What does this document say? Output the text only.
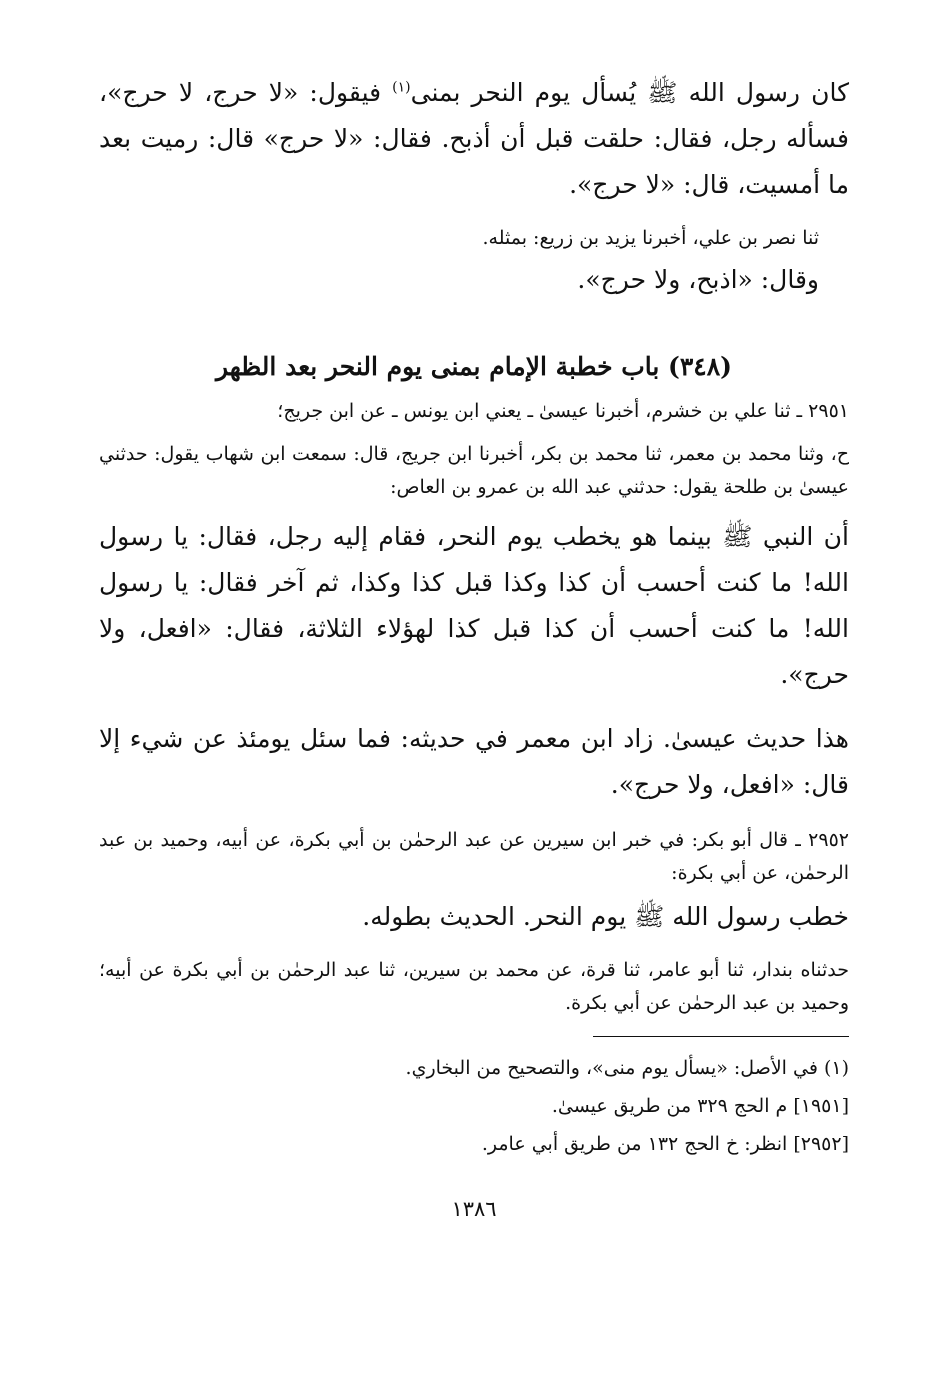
كان رسول الله ﷺ يُسأل يوم النحر بمنى$^{(١)}$ فيقول: «لا حرج، لا حرج»، فسأله رجل، فقال: حلقت قبل أن أذبح. فقال: «لا حرج» قال: رميت بعد ما أمسيت، قال: «لا حرج».

ثنا نصر بن علي، أخبرنا يزيد بن زريع: بمثله.

وقال: «اذبح، ولا حرج».

(٣٤٨) باب خطبة الإمام بمنى يوم النحر بعد الظهر

٢٩٥١ ـ ثنا علي بن خشرم، أخبرنا عيسىٰ ـ يعني ابن يونس ـ عن ابن جريج؛

ح، وثنا محمد بن معمر، ثنا محمد بن بكر، أخبرنا ابن جريج، قال: سمعت ابن شهاب يقول: حدثني عيسىٰ بن طلحة يقول: حدثني عبد الله بن عمرو بن العاص:

أن النبي ﷺ بينما هو يخطب يوم النحر، فقام إليه رجل، فقال: يا رسول الله! ما كنت أحسب أن كذا وكذا قبل كذا وكذا، ثم آخر فقال: يا رسول الله! ما كنت أحسب أن كذا قبل كذا لهؤلاء الثلاثة، فقال: «افعل، ولا حرج».

هذا حديث عيسىٰ. زاد ابن معمر في حديثه: فما سئل يومئذ عن شيء إلا قال: «افعل، ولا حرج».

٢٩٥٢ ـ قال أبو بكر: في خبر ابن سيرين عن عبد الرحمٰن بن أبي بكرة، عن أبيه، وحميد بن عبد الرحمٰن، عن أبي بكرة:

خطب رسول الله ﷺ يوم النحر. الحديث بطوله.

حدثناه بندار، ثنا أبو عامر، ثنا قرة، عن محمد بن سيرين، ثنا عبد الرحمٰن بن أبي بكرة عن أبيه؛ وحميد بن عبد الرحمٰن عن أبي بكرة.

(١) في الأصل: «يسأل يوم منى»، والتصحيح من البخاري.
[١٩٥١] م الحج ٣٢٩ من طريق عيسىٰ.
[٢٩٥٢] انظر: خ الحج ١٣٢ من طريق أبي عامر.
١٣٨٦
